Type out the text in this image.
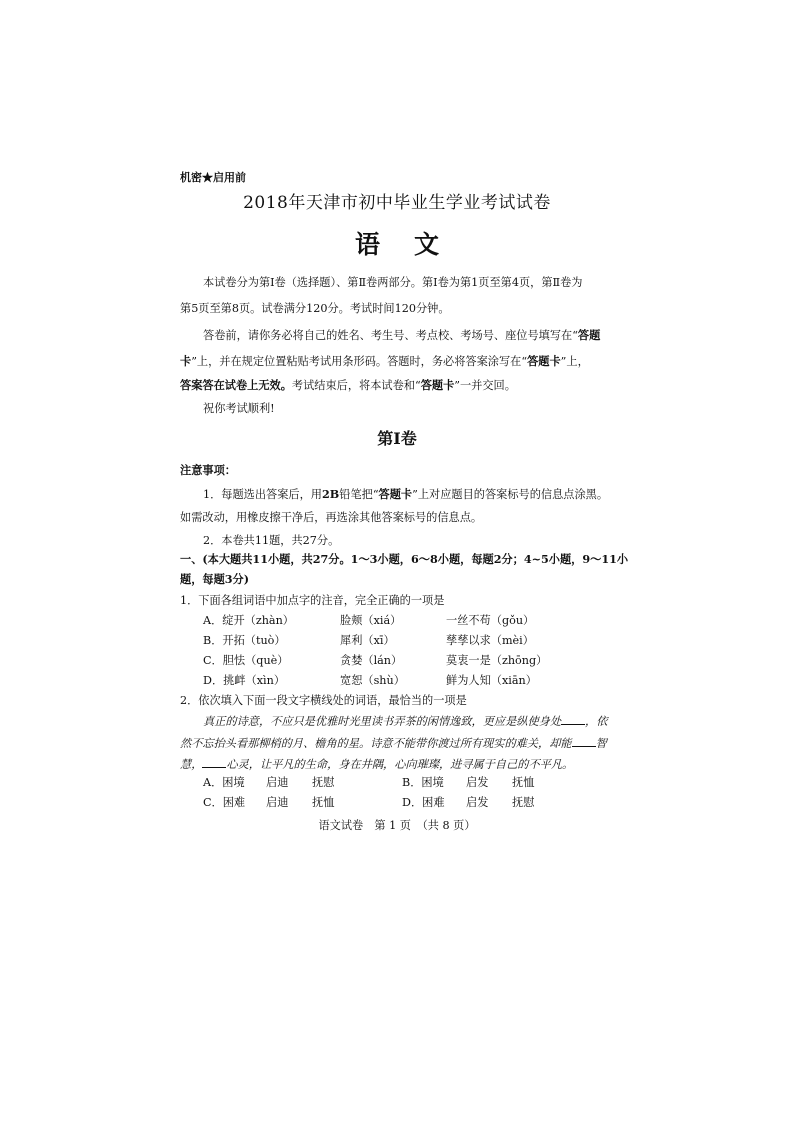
机密★启用前
2018年天津市初中毕业生学业考试试卷
语文
本试卷分为第Ⅰ卷（选择题）、第Ⅱ卷两部分。第Ⅰ卷为第1页至第4页，第Ⅱ卷为
第5页至第8页。试卷满分120分。考试时间120分钟。
答卷前，请你务必将自己的姓名、考生号、考点校、考场号、座位号填写在“答题
卡”上，并在规定位置粘贴考试用条形码。答题时，务必将答案涂写在“答题卡”上，
答案答在试卷上无效。考试结束后，将本试卷和“答题卡”一并交回。
祝你考试顺利!
第Ⅰ卷
注意事项：
1．每题选出答案后，用2B铅笔把“答题卡”上对应题目的答案标号的信息点涂黑。
如需改动，用橡皮擦干净后，再选涂其他答案标号的信息点。
2．本卷共11题，共27分。
一、(本大题共11小题，共27分。1～3小题，6～8小题，每题2分；4~5小题，9～11小
题，每题3分)
1．下面各组词语中加点字的注音，完全正确的一项是
A．绽开（zhàn）	脸颊（xiá）	一丝不苟（gǒu）
B．开拓（tuò）	犀利（xī）	孳孳以求（mèi）
C．胆怯（què）	贪婪（lán）	莫衷一是（zhōng）
D．挑衅（xìn）	宽恕（shù）	鲜为人知（xiān）
2．依次填入下面一段文字横线处的词语，最恰当的一项是
真正的诗意，不应只是优雅时光里读书弄茶的闲情逸致，更应是纵使身处 ，依
然不忘抬头看那柳梢的月、檐角的星。诗意不能带你渡过所有现实的难关，却能 智
慧， 心灵，让平凡的生命，身在井隅，心向璀璨，进寻属于自己的不平凡。
A．困境 启迪 抚慰	B．困境 启发 抚恤
C．困难 启迪 抚恤	D．困难 启发 抚慰
语文试卷　第 1 页　（共 8 页）
